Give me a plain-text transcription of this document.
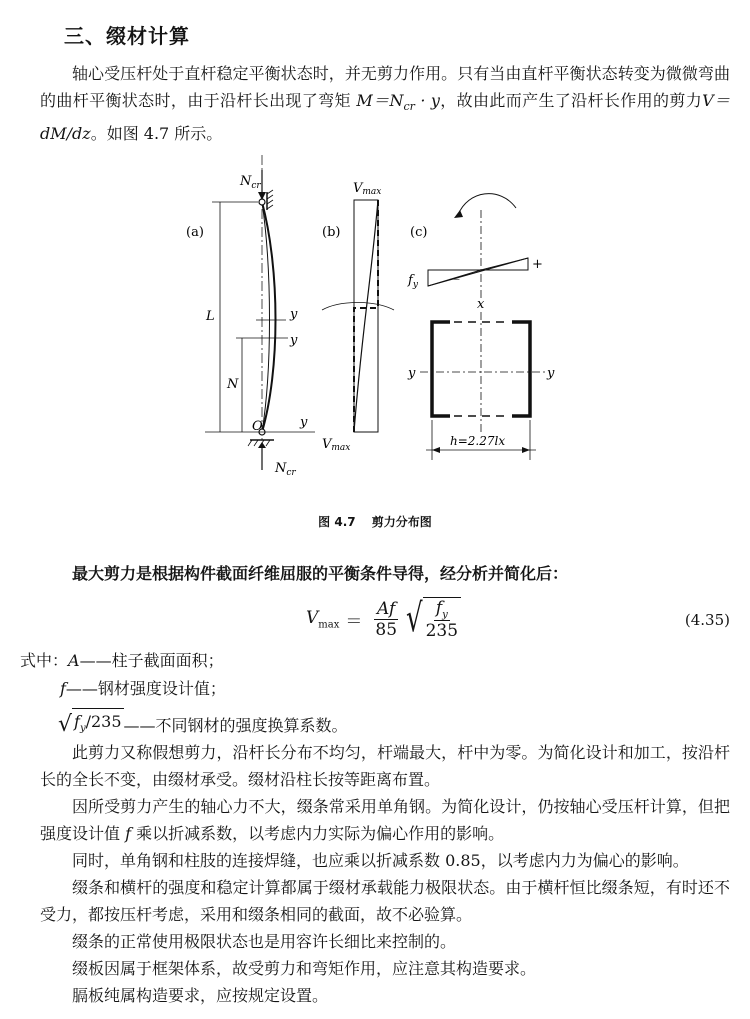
三、缀材计算
轴心受压杆处于直杆稳定平衡状态时，并无剪力作用。只有当由直杆平衡状态转变为微微弯曲的曲杆平衡状态时，由于沿杆长出现了弯矩 $M=N_{cr} \cdot y$，故由此而产生了沿杆长作用的剪力V＝dM/dz。如图 4.7 所示。
(a)
$N_{cr}$
$N_{cr}$
O	y
L
N
y
y
(b)
Vmax
Vmax
(c)
－
+
$f_y$
x
y	y
h=2.27lx
图 4.7 剪力分布图
最大剪力是根据构件截面纤维屈服的平衡条件导得，经分析并简化后：
$V_{max} = \frac{Af}{85}$ √ $\frac{f_y}{235}$	(4.35)
式中：A——柱子截面面积；
f——钢材强度设计值；
√ $f_y/235$ ——不同钢材的强度换算系数。
此剪力又称假想剪力，沿杆长分布不均匀，杆端最大，杆中为零。为简化设计和加工，按沿杆长的全长不变，由缀材承受。缀材沿柱长按等距离布置。
因所受剪力产生的轴心力不大，缀条常采用单角钢。为简化设计，仍按轴心受压杆计算，但把强度设计值 f 乘以折减系数，以考虑内力实际为偏心作用的影响。
同时，单角钢和柱肢的连接焊缝，也应乘以折减系数 0.85，以考虑内力为偏心的影响。
缀条和横杆的强度和稳定计算都属于缀材承载能力极限状态。由于横杆恒比缀条短，有时还不受力，都按压杆考虑，采用和缀条相同的截面，故不必验算。
缀条的正常使用极限状态也是用容许长细比来控制的。
缀板因属于框架体系，故受剪力和弯矩作用，应注意其构造要求。
膈板纯属构造要求，应按规定设置。
